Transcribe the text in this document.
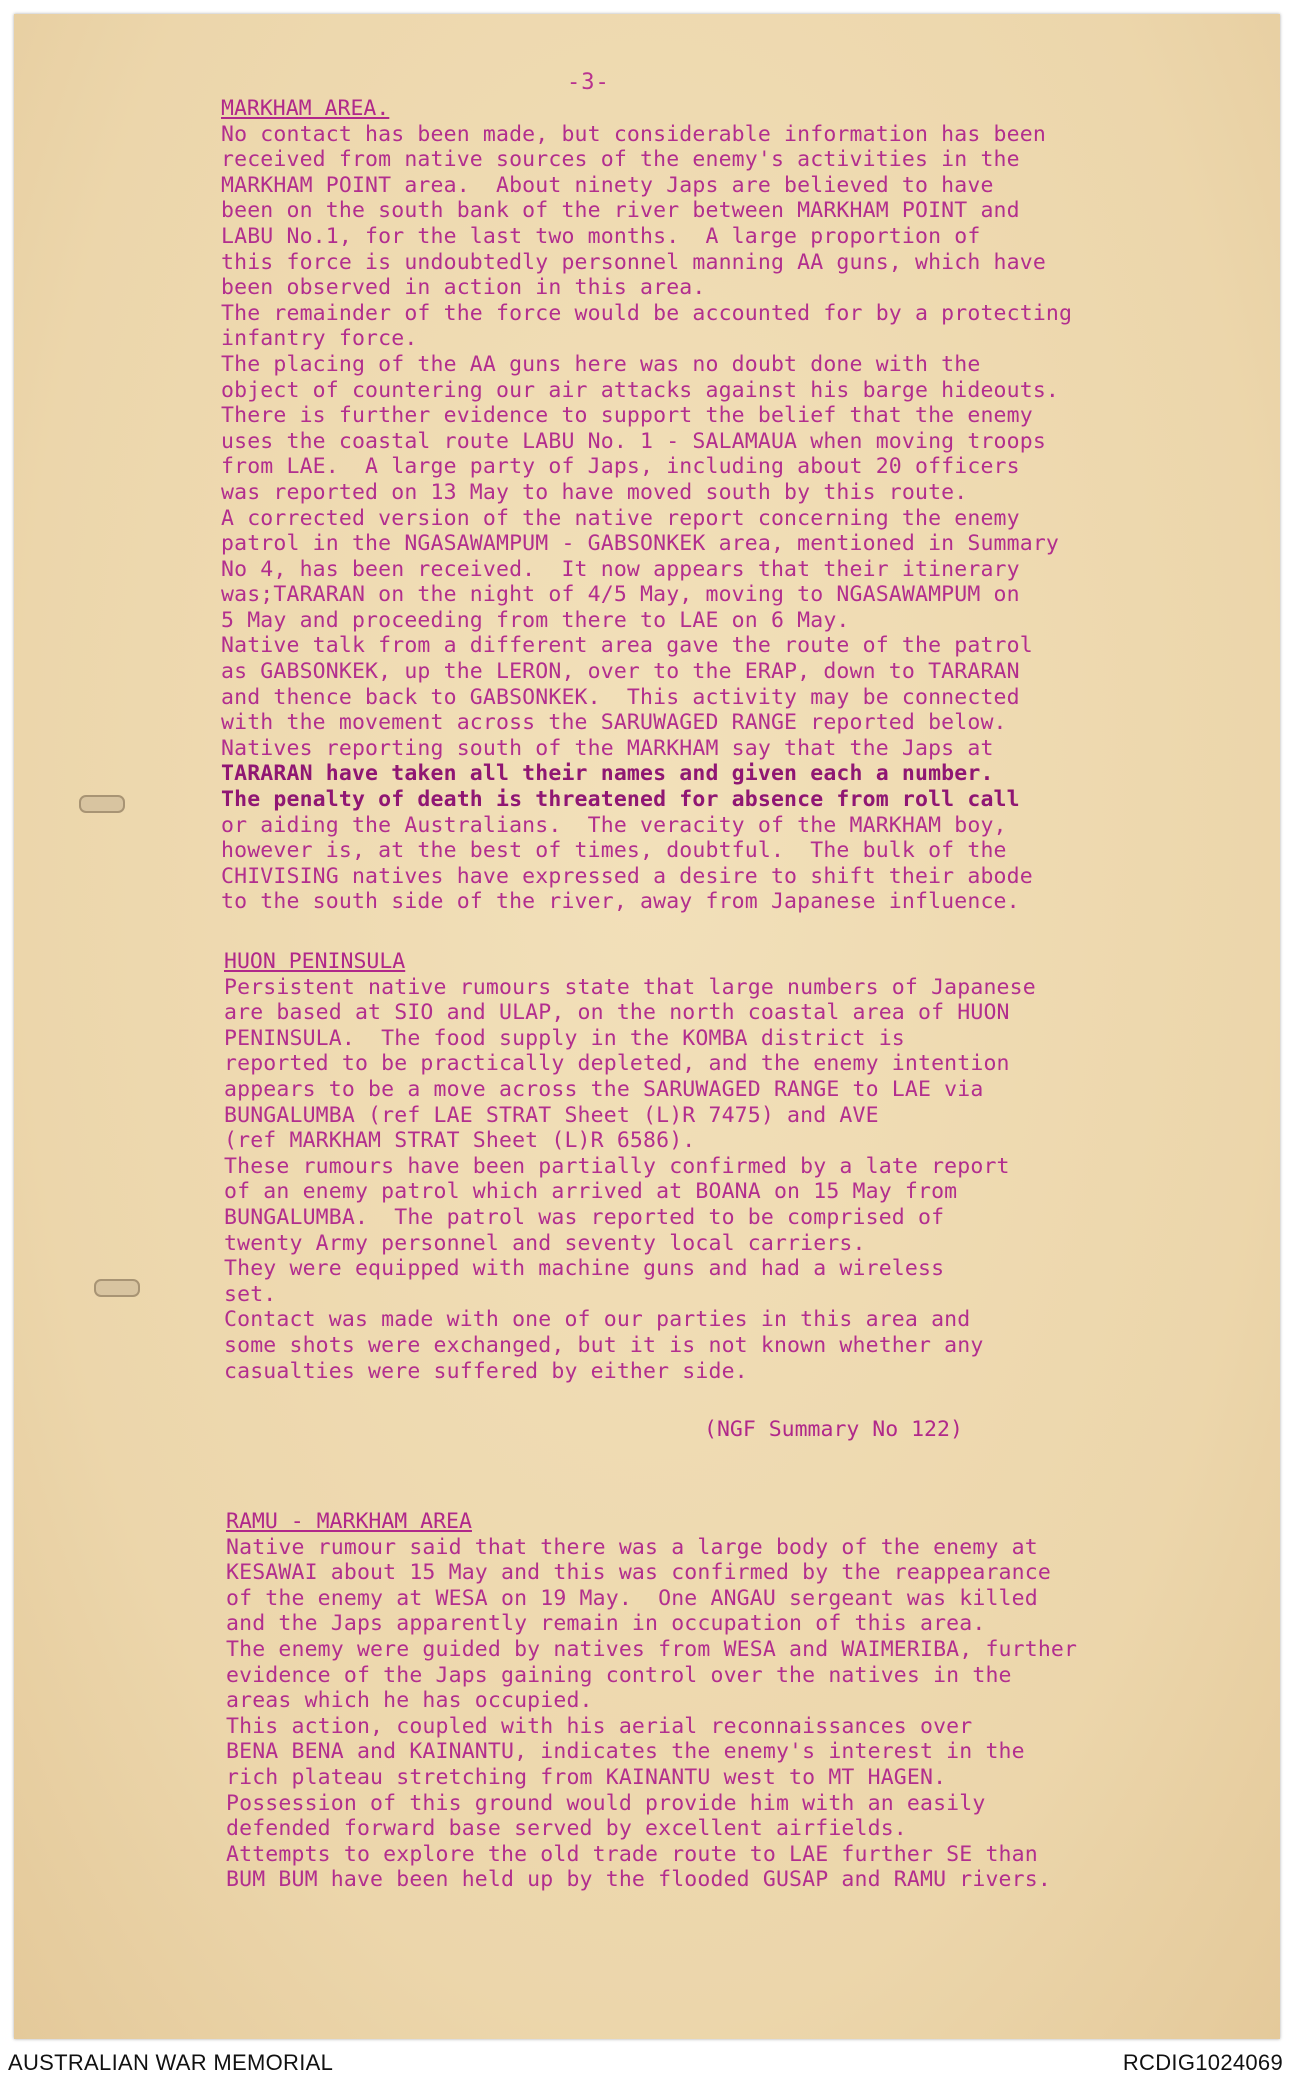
-3-
MARKHAM AREA.
No contact has been made, but considerable information has been
received from native sources of the enemy's activities in the
MARKHAM POINT area.  About ninety Japs are believed to have
been on the south bank of the river between MARKHAM POINT and
LABU No.1, for the last two months.  A large proportion of
this force is undoubtedly personnel manning AA guns, which have
been observed in action in this area.
The remainder of the force would be accounted for by a protecting
infantry force.
The placing of the AA guns here was no doubt done with the
object of countering our air attacks against his barge hideouts.
There is further evidence to support the belief that the enemy
uses the coastal route LABU No. 1 - SALAMAUA when moving troops
from LAE.  A large party of Japs, including about 20 officers
was reported on 13 May to have moved south by this route.
A corrected version of the native report concerning the enemy
patrol in the NGASAWAMPUM - GABSONKEK area, mentioned in Summary
No 4, has been received.  It now appears that their itinerary
was;TARARAN on the night of 4/5 May, moving to NGASAWAMPUM on
5 May and proceeding from there to LAE on 6 May.
Native talk from a different area gave the route of the patrol
as GABSONKEK, up the LERON, over to the ERAP, down to TARARAN
and thence back to GABSONKEK.  This activity may be connected
with the movement across the SARUWAGED RANGE reported below.
Natives reporting south of the MARKHAM say that the Japs at
TARARAN have taken all their names and given each a number.
The penalty of death is threatened for absence from roll call
or aiding the Australians.  The veracity of the MARKHAM boy,
however is, at the best of times, doubtful.  The bulk of the
CHIVISING natives have expressed a desire to shift their abode
to the south side of the river, away from Japanese influence.
HUON PENINSULA
Persistent native rumours state that large numbers of Japanese
are based at SIO and ULAP, on the north coastal area of HUON
PENINSULA.  The food supply in the KOMBA district is
reported to be practically depleted, and the enemy intention
appears to be a move across the SARUWAGED RANGE to LAE via
BUNGALUMBA (ref LAE STRAT Sheet (L)R 7475) and AVE
(ref MARKHAM STRAT Sheet (L)R 6586).
These rumours have been partially confirmed by a late report
of an enemy patrol which arrived at BOANA on 15 May from
BUNGALUMBA.  The patrol was reported to be comprised of
twenty Army personnel and seventy local carriers.
They were equipped with machine guns and had a wireless
set.
Contact was made with one of our parties in this area and
some shots were exchanged, but it is not known whether any
casualties were suffered by either side.
RAMU - MARKHAM AREA
Native rumour said that there was a large body of the enemy at
KESAWAI about 15 May and this was confirmed by the reappearance
of the enemy at WESA on 19 May.  One ANGAU sergeant was killed
and the Japs apparently remain in occupation of this area.
The enemy were guided by natives from WESA and WAIMERIBA, further
evidence of the Japs gaining control over the natives in the
areas which he has occupied.
This action, coupled with his aerial reconnaissances over
BENA BENA and KAINANTU, indicates the enemy's interest in the
rich plateau stretching from KAINANTU west to MT HAGEN.
Possession of this ground would provide him with an easily
defended forward base served by excellent airfields.
Attempts to explore the old trade route to LAE further SE than
BUM BUM have been held up by the flooded GUSAP and RAMU rivers.
(NGF Summary No 122)
AUSTRALIAN WAR MEMORIAL	RCDIG1024069
